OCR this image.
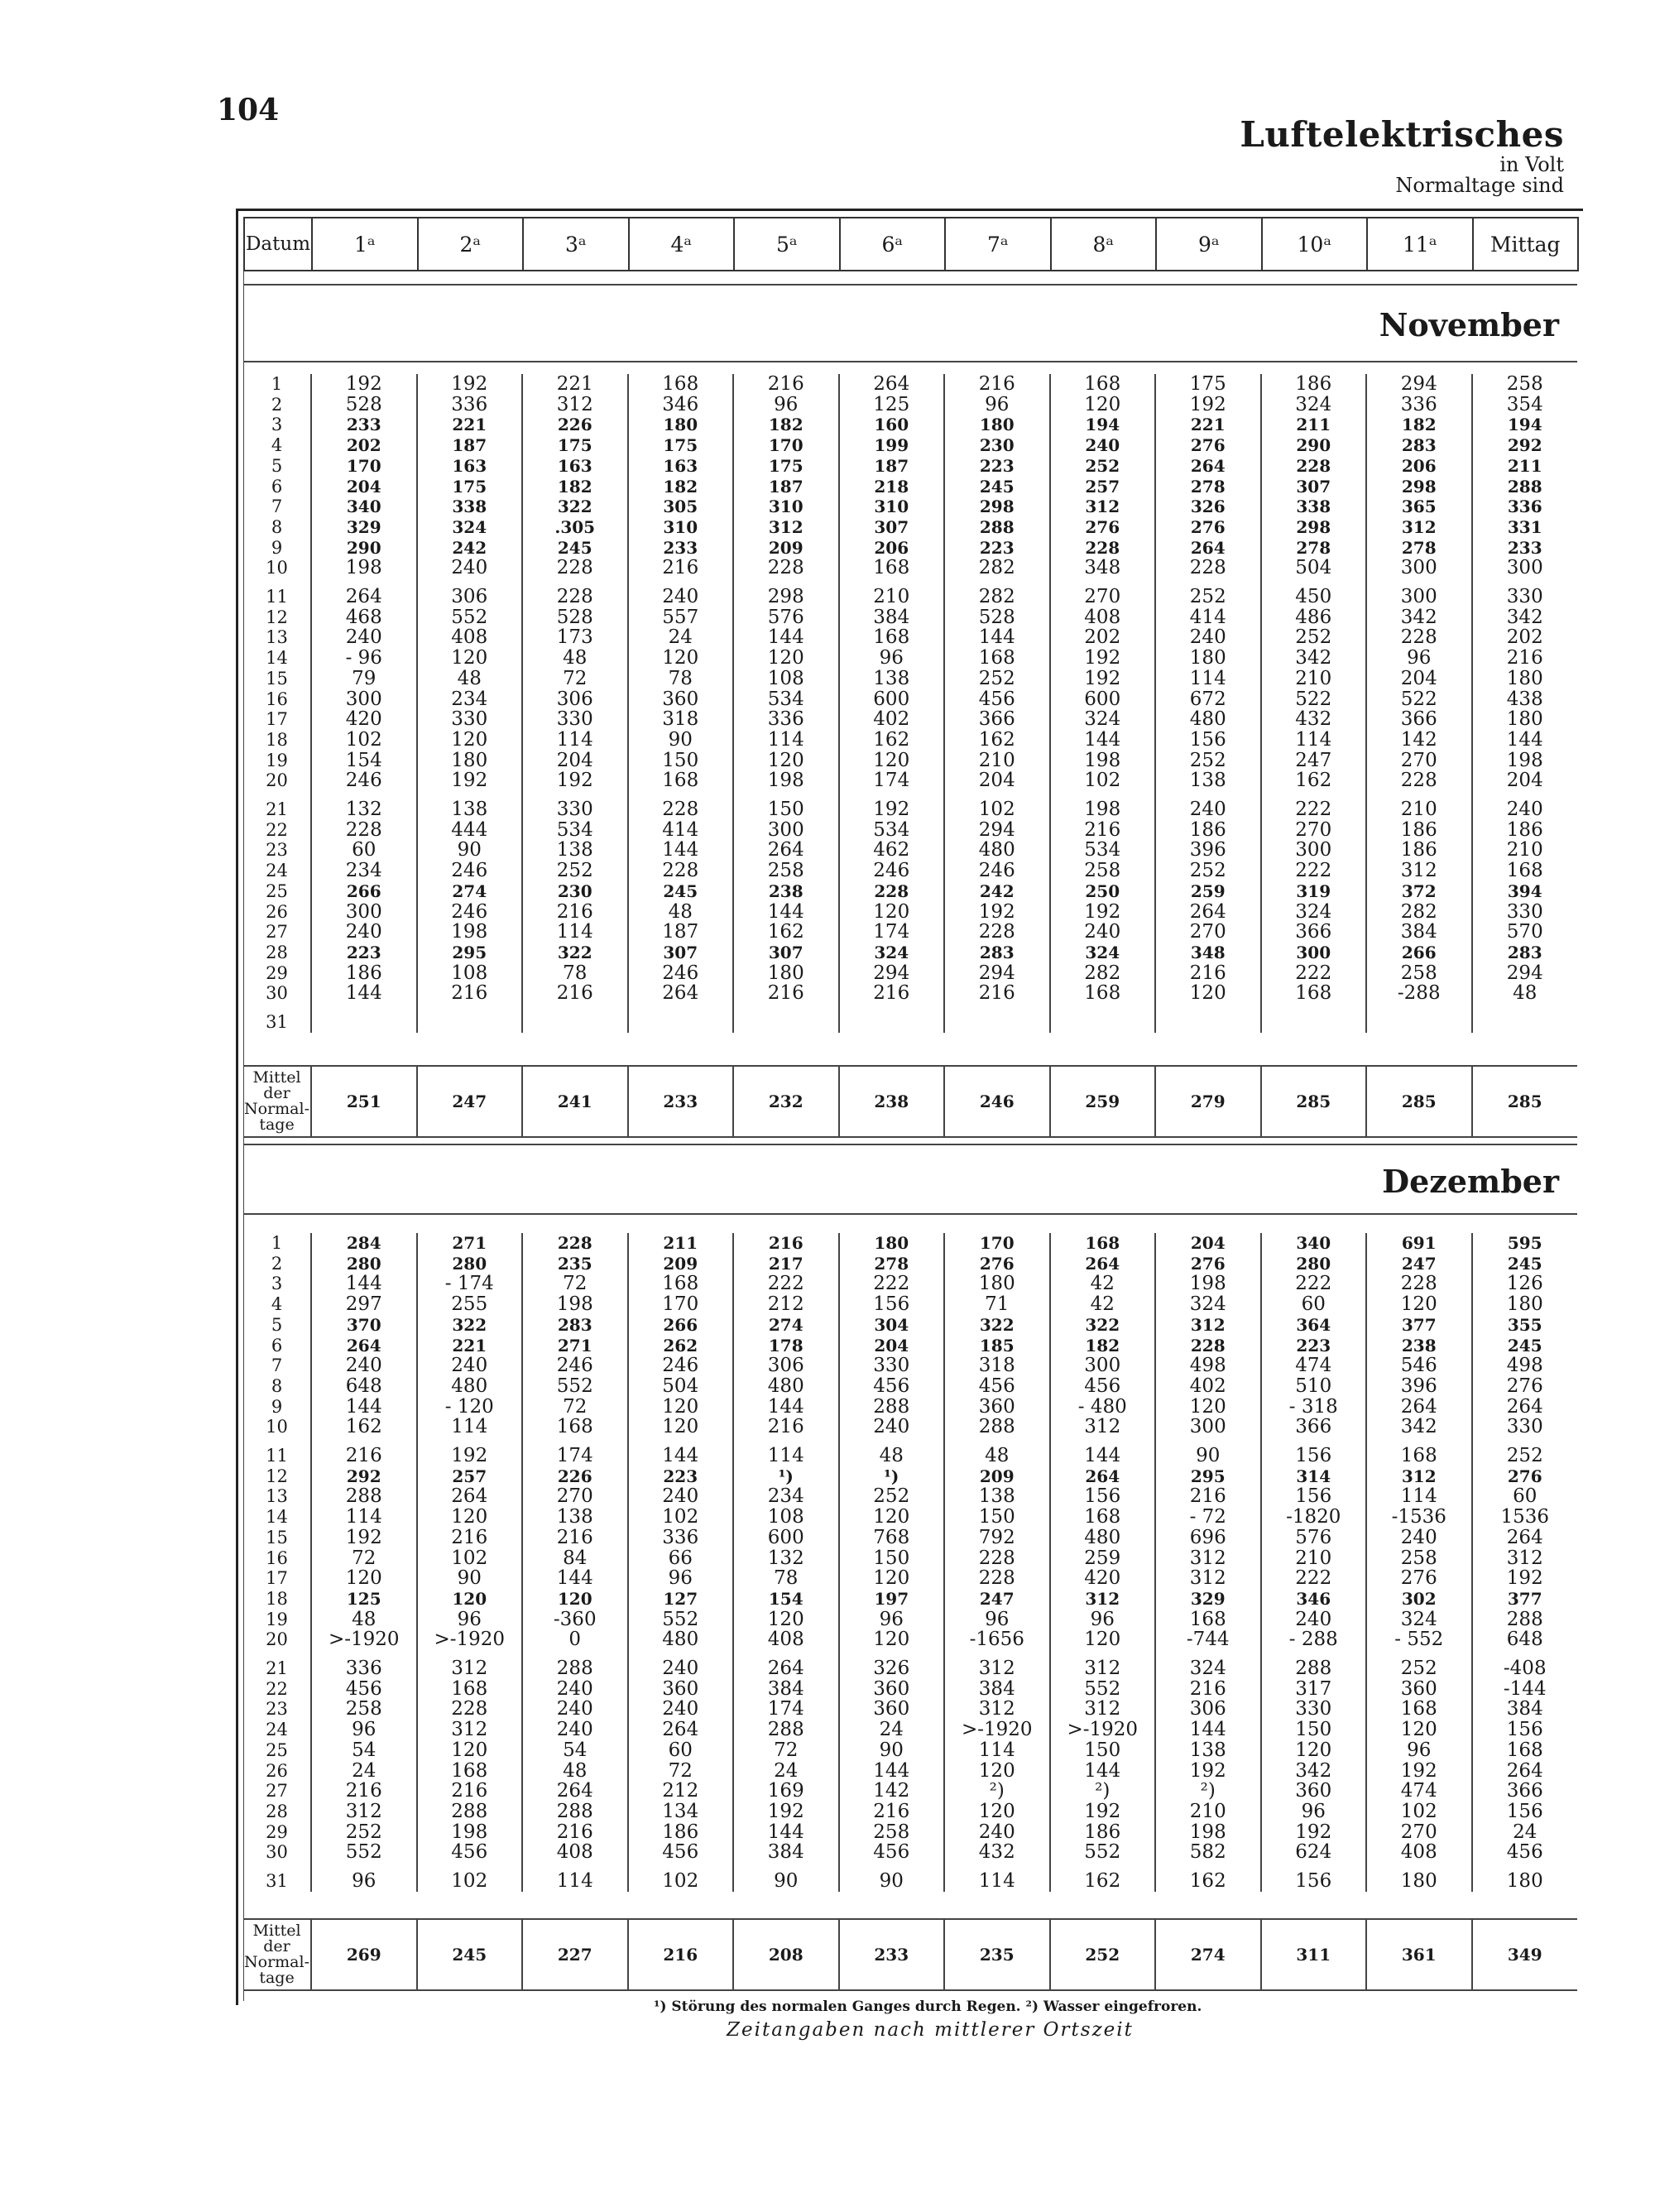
104
Luftelektrisches
in Volt
Normaltage sind
Datum	1ᵃ	2ᵃ	3ᵃ	4ᵃ	5ᵃ	6ᵃ	7ᵃ	8ᵃ	9ᵃ	10ᵃ	11ᵃ	Mittag
November
1	192	192	221	168	216	264	216	168	175	186	294	258
2	528	336	312	346	96	125	96	120	192	324	336	354
3	233	221	226	180	182	160	180	194	221	211	182	194
4	202	187	175	175	170	199	230	240	276	290	283	292
5	170	163	163	163	175	187	223	252	264	228	206	211
6	204	175	182	182	187	218	245	257	278	307	298	288
7	340	338	322	305	310	310	298	312	326	338	365	336
8	329	324	.305	310	312	307	288	276	276	298	312	331
9	290	242	245	233	209	206	223	228	264	278	278	233
10	198	240	228	216	228	168	282	348	228	504	300	300
11	264	306	228	240	298	210	282	270	252	450	300	330
12	468	552	528	557	576	384	528	408	414	486	342	342
13	240	408	173	24	144	168	144	202	240	252	228	202
14	- 96	120	48	120	120	96	168	192	180	342	96	216
15	79	48	72	78	108	138	252	192	114	210	204	180
16	300	234	306	360	534	600	456	600	672	522	522	438
17	420	330	330	318	336	402	366	324	480	432	366	180
18	102	120	114	90	114	162	162	144	156	114	142	144
19	154	180	204	150	120	120	210	198	252	247	270	198
20	246	192	192	168	198	174	204	102	138	162	228	204
21	132	138	330	228	150	192	102	198	240	222	210	240
22	228	444	534	414	300	534	294	216	186	270	186	186
23	60	90	138	144	264	462	480	534	396	300	186	210
24	234	246	252	228	258	246	246	258	252	222	312	168
25	266	274	230	245	238	228	242	250	259	319	372	394
26	300	246	216	48	144	120	192	192	264	324	282	330
27	240	198	114	187	162	174	228	240	270	366	384	570
28	223	295	322	307	307	324	283	324	348	300	266	283
29	186	108	78	246	180	294	294	282	216	222	258	294
30	144	216	216	264	216	216	216	168	120	168	-288	48
31												
Mittel
der
Normal-
tage
	251	247	241	233	232	238	246	259	279	285	285	285
Dezember
1	284	271	228	211	216	180	170	168	204	340	691	595
2	280	280	235	209	217	278	276	264	276	280	247	245
3	144	- 174	72	168	222	222	180	42	198	222	228	126
4	297	255	198	170	212	156	71	42	324	60	120	180
5	370	322	283	266	274	304	322	322	312	364	377	355
6	264	221	271	262	178	204	185	182	228	223	238	245
7	240	240	246	246	306	330	318	300	498	474	546	498
8	648	480	552	504	480	456	456	456	402	510	396	276
9	144	- 120	72	120	144	288	360	- 480	120	- 318	264	264
10	162	114	168	120	216	240	288	312	300	366	342	330
11	216	192	174	144	114	48	48	144	90	156	168	252
12	292	257	226	223	¹)	¹)	209	264	295	314	312	276
13	288	264	270	240	234	252	138	156	216	156	114	60
14	114	120	138	102	108	120	150	168	- 72	-1820	-1536	1536
15	192	216	216	336	600	768	792	480	696	576	240	264
16	72	102	84	66	132	150	228	259	312	210	258	312
17	120	90	144	96	78	120	228	420	312	222	276	192
18	125	120	120	127	154	197	247	312	329	346	302	377
19	48	96	-360	552	120	96	96	96	168	240	324	288
20	>-1920	>-1920	0	480	408	120	-1656	120	-744	- 288	- 552	648
21	336	312	288	240	264	326	312	312	324	288	252	-408
22	456	168	240	360	384	360	384	552	216	317	360	-144
23	258	228	240	240	174	360	312	312	306	330	168	384
24	96	312	240	264	288	24	>-1920	>-1920	144	150	120	156
25	54	120	54	60	72	90	114	150	138	120	96	168
26	24	168	48	72	24	144	120	144	192	342	192	264
27	216	216	264	212	169	142	²)	²)	²)	360	474	366
28	312	288	288	134	192	216	120	192	210	96	102	156
29	252	198	216	186	144	258	240	186	198	192	270	24
30	552	456	408	456	384	456	432	552	582	624	408	456
31	96	102	114	102	90	90	114	162	162	156	180	180
Mittel
der
Normal-
tage
	269	245	227	216	208	233	235	252	274	311	361	349
¹) Störung des normalen Ganges durch Regen. ²) Wasser eingefroren.
Zeitangaben nach mittlerer Ortszeit
